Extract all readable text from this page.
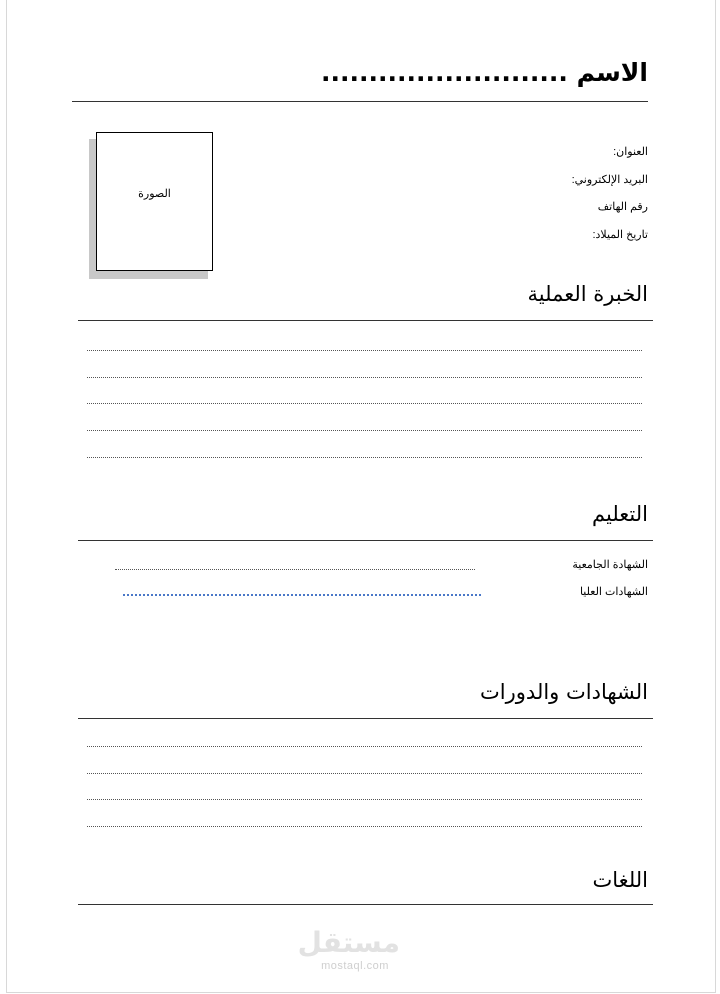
الاسم ..........................
الصورة
العنوان:
البريد الإلكتروني:
رقم الهاتف
تاريخ الميلاد:
الخبرة العملية
التعليم
الشهادة الجامعية
الشهادات العليا
الشهادات والدورات
اللغات
مستقل
mostaql.com
